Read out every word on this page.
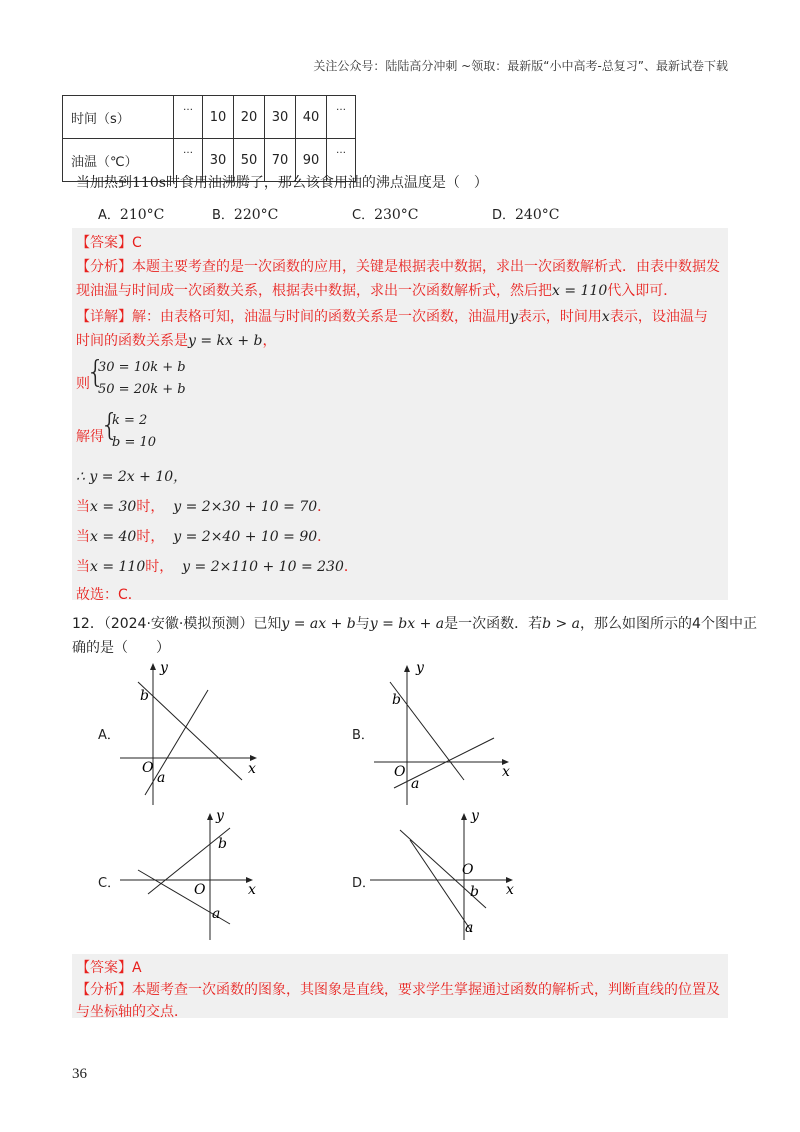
关注公众号：陆陆高分冲刺 ~领取：最新版“小中高考-总复习”、最新试卷下载
时间（s）	…	10	20	30	40	…
油温（℃）	…	30	50	70	90	…
当加热到110s时食用油沸腾了，那么该食用油的沸点温度是（　）
A．210°C	B．220°C	C．230°C	D．240°C
【答案】C
【分析】本题主要考查的是一次函数的应用，关键是根据表中数据，求出一次函数解析式．由表中数据发
现油温与时间成一次函数关系，根据表中数据，求出一次函数解析式，然后把x = 110代入即可．
【详解】解：由表格可知，油温与时间的函数关系是一次函数，油温用y表示，时间用x表示，设油温与
时间的函数关系是y = kx + b，
则
{
30 = 10k + b
50 = 20k + b
解得
{
k = 2
b = 10
∴ y = 2x + 10，
当x = 30时， y = 2×30 + 10 = 70．
当x = 40时， y = 2×40 + 10 = 90．
当x = 110时， y = 2×110 + 10 = 230．
故选：C．
12．（2024·安徽·模拟预测）已知y = ax + b与y = bx + a是一次函数．若b > a，那么如图所示的4个图中正
确的是（　　）
A．
y
x
O
b
a
B．
y
x
O
b
a
C．
y
x
O
b
a
D．
y
x
O
b
a
【答案】A
【分析】本题考查一次函数的图象，其图象是直线，要求学生掌握通过函数的解析式，判断直线的位置及
与坐标轴的交点．
36
